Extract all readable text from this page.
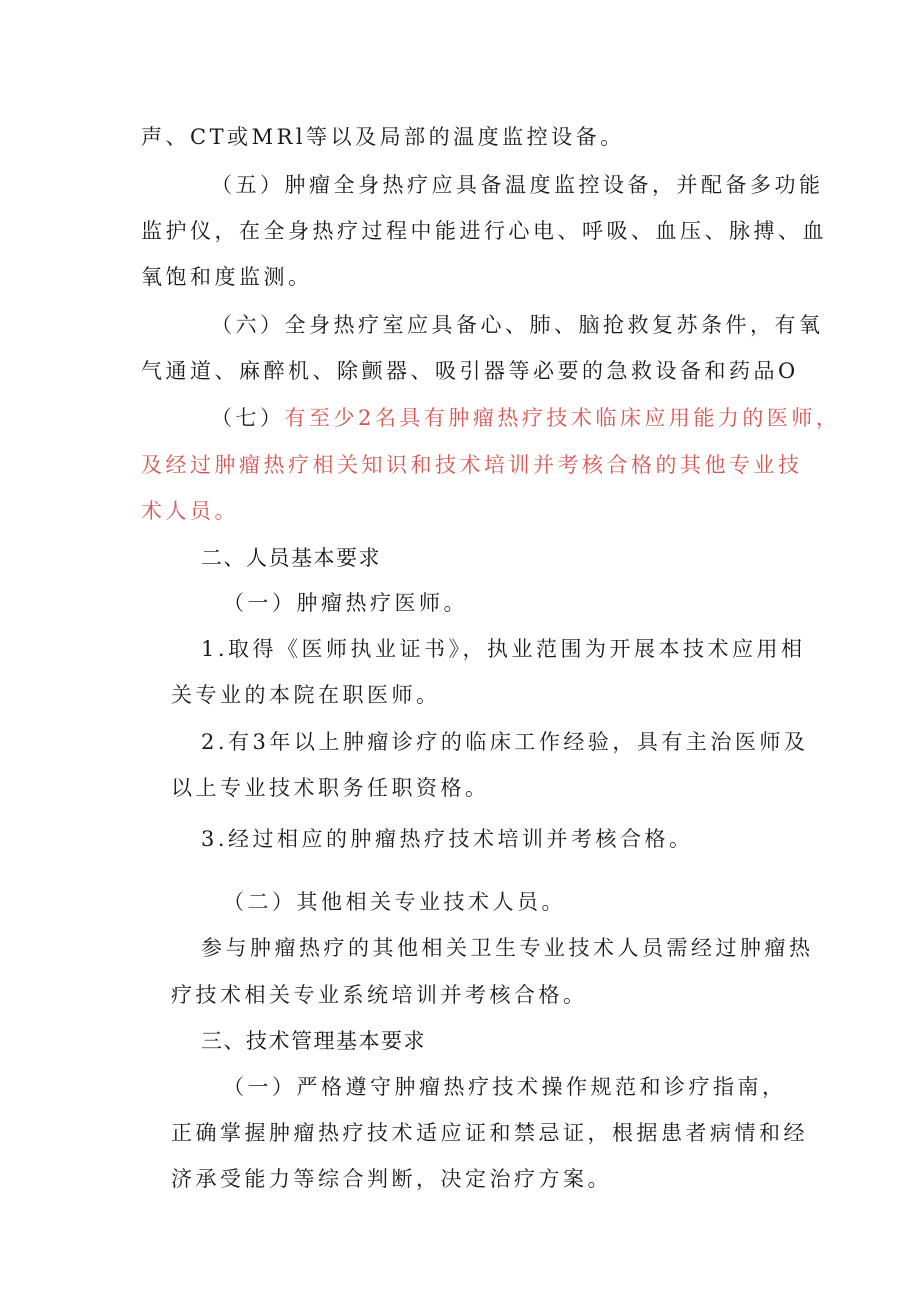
声、CT或MRl等以及局部的温度监控设备。
（五）肿瘤全身热疗应具备温度监控设备，并配备多功能
监护仪，在全身热疗过程中能进行心电、呼吸、血压、脉搏、血
氧饱和度监测。
（六）全身热疗室应具备心、肺、脑抢救复苏条件，有氧
气通道、麻醉机、除颤器、吸引器等必要的急救设备和药品O
（七）有至少2名具有肿瘤热疗技术临床应用能力的医师，
及经过肿瘤热疗相关知识和技术培训并考核合格的其他专业技
术人员。
二、人员基本要求
（一）肿瘤热疗医师。
1.取得《医师执业证书》，执业范围为开展本技术应用相
关专业的本院在职医师。
2.有3年以上肿瘤诊疗的临床工作经验，具有主治医师及
以上专业技术职务任职资格。
3.经过相应的肿瘤热疗技术培训并考核合格。
（二）其他相关专业技术人员。
参与肿瘤热疗的其他相关卫生专业技术人员需经过肿瘤热
疗技术相关专业系统培训并考核合格。
三、技术管理基本要求
（一）严格遵守肿瘤热疗技术操作规范和诊疗指南，
正确掌握肿瘤热疗技术适应证和禁忌证，根据患者病情和经
济承受能力等综合判断，决定治疗方案。
